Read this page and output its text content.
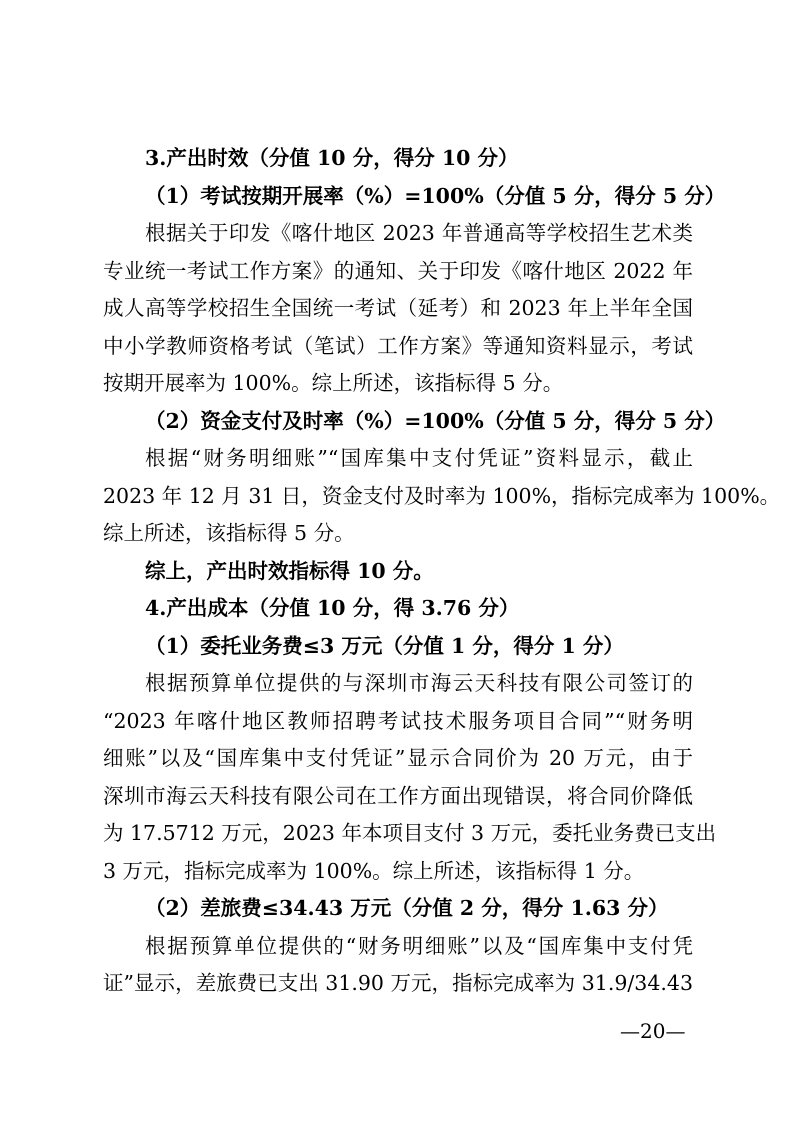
3.产出时效（分值 10 分，得分 10 分）

（1）考试按期开展率（%）=100%（分值 5 分，得分 5 分）

根据关于印发《喀什地区 2023 年普通高等学校招生艺术类

专业统一考试工作方案》的通知、关于印发《喀什地区 2022 年

成人高等学校招生全国统一考试（延考）和 2023 年上半年全国

中小学教师资格考试（笔试）工作方案》等通知资料显示，考试

按期开展率为 100%。综上所述，该指标得 5 分。

（2）资金支付及时率（%）=100%（分值 5 分，得分 5 分）

根据“财务明细账”“国库集中支付凭证”资料显示，截止

2023 年 12 月 31 日，资金支付及时率为 100%，指标完成率为 100%。

综上所述，该指标得 5 分。

综上，产出时效指标得 10 分。

4.产出成本（分值 10 分，得 3.76 分）

（1）委托业务费≤3 万元（分值 1 分，得分 1 分）

根据预算单位提供的与深圳市海云天科技有限公司签订的

“2023 年喀什地区教师招聘考试技术服务项目合同”“财务明

细账”以及“国库集中支付凭证”显示合同价为 20 万元，由于

深圳市海云天科技有限公司在工作方面出现错误，将合同价降低

为 17.5712 万元，2023 年本项目支付 3 万元，委托业务费已支出

3 万元，指标完成率为 100%。综上所述，该指标得 1 分。

（2）差旅费≤34.43 万元（分值 2 分，得分 1.63 分）

根据预算单位提供的“财务明细账”以及“国库集中支付凭

证”显示，差旅费已支出 31.90 万元，指标完成率为 31.9/34.43

—20—
